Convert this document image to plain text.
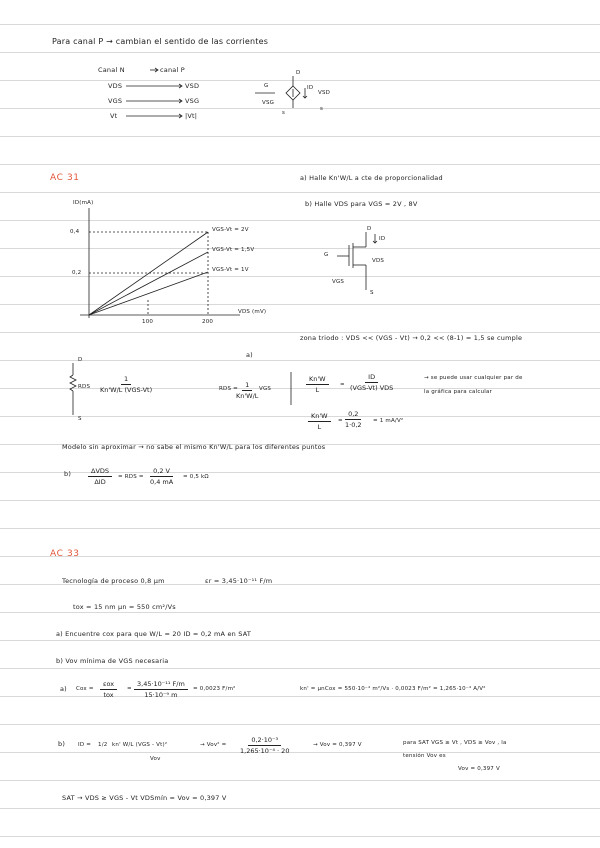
Para canal P → cambian el sentido de las corrientes
Canal N
VDS
VGS
Vt
canal P
VSD
VSG
|Vt|
G
VSG
s
D
ID
VSD
s
AC 31	a) Halle Kn'W/L a cte de proporcionalidad
b) Halle VDS para VGS = 2V , 8V
ID(mA)
0,4
0,2
100	200
VDS (mV)
VGS-Vt = 2V
VGS-Vt = 1,5V
VGS-Vt = 1V
D
ID
G
VDS
VGS
S
zona triodo : VDS << (VGS - Vt) → 0,2 << (8-1) = 1,5 se cumple
D
RDS
1
Kn'W/L (VGS-Vt)
S
a)
RDS =
$\frac{1}{Kn'W/L}$ VGS	$\frac{Kn'W}{L}$ =
ID
(VGS-Vt) VDS
→ se puede usar cualquier par de
la gráfica para calcular
$\frac{Kn'W}{L} = \frac{0,2}{1\cdot 0,2} = 1$ mA/V²
Modelo sin aproximar → no sabe el mismo Kn'W/L para los diferentes puntos
b)	ΔVDS
ΔID
= RDS = $\frac{0,2 V}{0,4 mA} = 0,5$ kΩ
AC 33
Tecnología de proceso 0,8 μm	εr = 3,45·10⁻¹¹ F/m
tox = 15 nm μn = 550 cm²/Vs
a) Encuentre cox para que W/L = 20 ID = 0,2 mA en SAT
b) Vov mínima de VGS necesaria
a) Cox =
εox
tox
= $\frac{\text{3,45·10⁻¹¹ F/m}}{\text{15·10⁻⁹ m}} = 0,0023$ F/m²	kn' = μnCox = 550·10⁻⁴ m²/Vs · 0,0023 F/m² = 1,265·10⁻⁴ A/V²
b) ID = 1/2 kn' W/L (VGS - Vt)²
Vov
→ $Vov^2 = \frac{\text{0,2·10⁻³}}{\text{1,265·10⁻⁴ · 20}}$	→ Vov = 0,397 V	para SAT VGS ≥ Vt , VDS ≥ Vov , la
tensión Vov es
Vov = 0,397 V
SAT → VDS ≥ VGS - Vt VDSmín = Vov = 0,397 V
